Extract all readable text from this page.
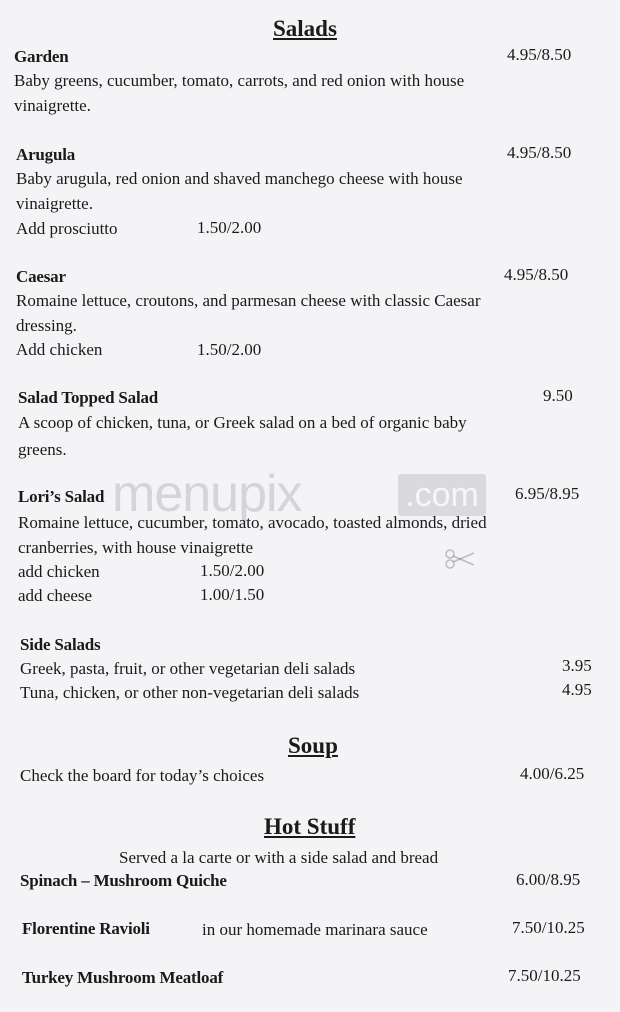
menupix	.com
Salads
Garden	4.95/8.50
Baby greens, cucumber, tomato, carrots, and red onion with house
vinaigrette.
Arugula	4.95/8.50
Baby arugula, red onion and shaved manchego cheese with house
vinaigrette.
Add prosciutto	1.50/2.00
Caesar	4.95/8.50
Romaine lettuce, croutons, and parmesan cheese with classic Caesar
dressing.
Add chicken	1.50/2.00
Salad Topped Salad	9.50
A scoop of chicken, tuna, or Greek salad on a bed of organic baby
greens.
Lori’s Salad	6.95/8.95
Romaine lettuce, cucumber, tomato, avocado, toasted almonds, dried
cranberries, with house vinaigrette
add chicken	1.50/2.00
add cheese	1.00/1.50
Side Salads
Greek, pasta, fruit, or other vegetarian deli salads	3.95
Tuna, chicken, or other non-vegetarian deli salads	4.95
Soup
Check the board for today’s choices	4.00/6.25
Hot Stuff
Served a la carte or with a side salad and bread
Spinach – Mushroom Quiche	6.00/8.95
Florentine Ravioli	in our homemade marinara sauce	7.50/10.25
Turkey Mushroom Meatloaf	7.50/10.25
